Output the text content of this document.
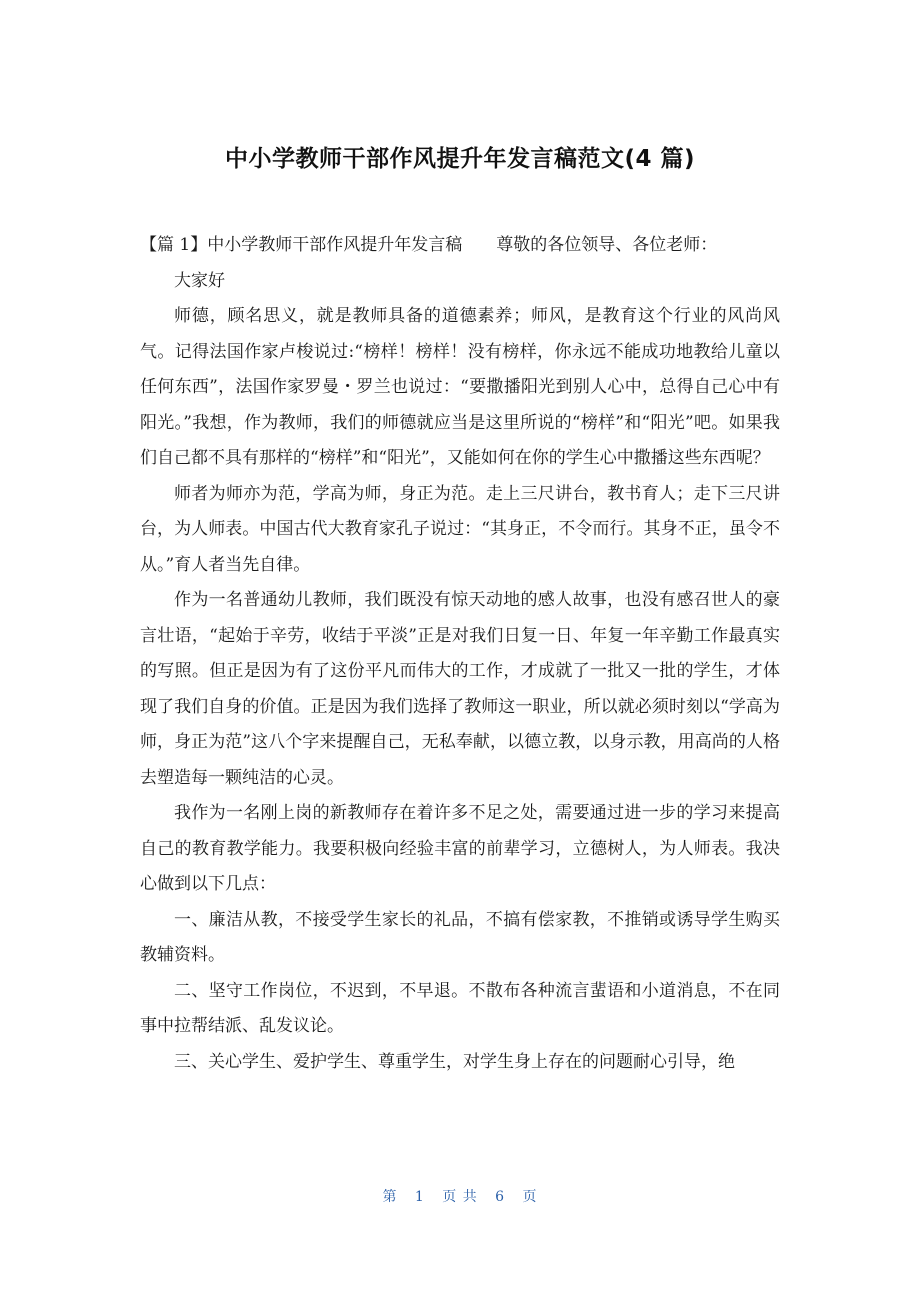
中小学教师干部作风提升年发言稿范文(4 篇)

【篇 1】中小学教师干部作风提升年发言稿　　尊敬的各位领导、各位老师：

大家好

师德，顾名思义，就是教师具备的道德素养；师风，是教育这个行业的风尚风气。记得法国作家卢梭说过:“榜样！榜样！没有榜样，你永远不能成功地教给儿童以任何东西”，法国作家罗曼・罗兰也说过：“要撒播阳光到别人心中，总得自己心中有阳光。”我想，作为教师，我们的师德就应当是这里所说的“榜样”和“阳光”吧。如果我们自己都不具有那样的“榜样”和“阳光”，又能如何在你的学生心中撒播这些东西呢？

师者为师亦为范，学高为师，身正为范。走上三尺讲台，教书育人；走下三尺讲台，为人师表。中国古代大教育家孔子说过：“其身正，不令而行。其身不正，虽令不从。”育人者当先自律。

作为一名普通幼儿教师，我们既没有惊天动地的感人故事，也没有感召世人的豪言壮语，“起始于辛劳，收结于平淡”正是对我们日复一日、年复一年辛勤工作最真实的写照。但正是因为有了这份平凡而伟大的工作，才成就了一批又一批的学生，才体现了我们自身的价值。正是因为我们选择了教师这一职业，所以就必须时刻以“学高为师，身正为范”这八个字来提醒自己，无私奉献，以德立教，以身示教，用高尚的人格去塑造每一颗纯洁的心灵。

我作为一名刚上岗的新教师存在着许多不足之处，需要通过进一步的学习来提高自己的教育教学能力。我要积极向经验丰富的前辈学习，立德树人，为人师表。我决心做到以下几点：

一、廉洁从教，不接受学生家长的礼品，不搞有偿家教，不推销或诱导学生购买教辅资料。

二、坚守工作岗位，不迟到，不早退。不散布各种流言蜚语和小道消息，不在同事中拉帮结派、乱发议论。

三、关心学生、爱护学生、尊重学生，对学生身上存在的问题耐心引导，绝

第 1 页 共 6 页
